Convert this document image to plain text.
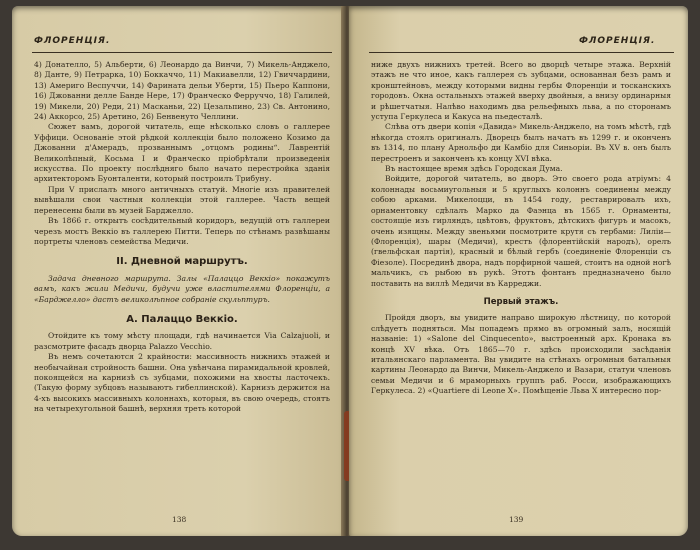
ФЛОРЕНЦІЯ.

4) Донателло, 5) Альберти, 6) Леонардо да Винчи, 7) Микель-Анджело, 8) Данте, 9) Петрарка, 10) Боккаччо, 11) Макиавелли, 12) Гвиччардини, 13) Америго Веспуччи, 14) Фаринатa дельи Уберти, 15) Пьеро Каппони, 16) Джованни делле Банде Нере, 17) Франческо Ферруччо, 18) Галилей, 19) Микели, 20) Реди, 21) Масканьи, 22) Цезальпино, 23) Св. Антонино, 24) Аккорсо, 25) Аретино, 26) Бенвенуто Челлини.

Сюжет вамъ, дорогой читатель, еще нѣсколько словъ о галлерeе Уффици. Основаніе этой рѣдкой коллекціи было положено Козимо да Джованни д'Амерадъ, прозваннымъ „отцомъ родины“. Лаврентій Великолѣпный, Косьма I и Франческо пріобрѣтали произведенія искусства. По проекту послѣдняго было начато перестройка зданія архитекторомъ Буонталенти, который построилъ Трибуну.

При V прислалъ много античныхъ статуй. Многіе изъ правителей вывѣшали свои частныя коллекціи этой галлерее. Часть вещей перенесены были въ музей Барджелло.

Въ 1866 г. открытъ сосѣдительный коридоръ, ведущій отъ галлереи черезъ мостъ Веккіо въ галлерею Питти. Теперь по стѣнамъ развѣшаны портреты членовъ семейства Медичи.

II. Дневной маршрутъ.

Задача дневного маршрута. Залы «Палаццо Веккіо» покажутъ вамъ, какъ жили Медичи, будучи уже властителями Флоренціи, а «Барджелло» дастъ великолѣпное собраніе скульптуръ.

А. Палаццо Веккіо.

Отойдите къ тому мѣсту площади, гдѣ начинается Via Calzajuoli, и разсмотрите фасадъ дворца Palazzo Vecchio.

Въ немъ сочетаются 2 крайности: массивность нижнихъ этажей и необычайная стройность башни. Она увѣнчана пирамидальной кровлей, покоящейся на карнизѣ съ зубцами, похожими на хвосты ласточекъ. (Такую форму зубцовъ называютъ гибеллинской). Карнизъ держится на 4-хъ высокихъ массивныхъ колоннахъ, которыя, въ свою очередь, стоятъ на четырехугольной башнѣ, верхняя треть которой

138
ФЛОРЕНЦІЯ.

ниже двухъ нижнихъ третей. Всего во дворцѣ четыре этажа. Верхній этажъ не что иное, какъ галлерея съ зубцами, основанная безъ рамъ и кронштейновъ, между которыми видны гербы Флоренціи и тосканскихъ городовъ. Окна остальныхъ этажей вверху двойныя, а внизу ординарныя и рѣшетчатыя. Налѣво находимъ два рельефныхъ льва, а по сторонамъ уступа Геркулеса и Какуса на пьедесталѣ.

Слѣва отъ двери копія «Давида» Микель-Анджело, на томъ мѣстѣ, гдѣ нѣкогда стоялъ оригиналъ. Дворецъ былъ начатъ въ 1299 г. и оконченъ въ 1314, по плану Арнольфо ди Камбіо для Синьоріи. Въ XV в. онъ былъ перестроенъ и законченъ къ концу XVI вѣка.

Въ настоящее время здѣсь Городская Дума.

Войдите, дорогой читатель, во дворъ. Это своего рода атріумъ: 4 колоннады восьмиугольныя и 5 круглыхъ колоннъ соединены между собою арками. Микелоцци, въ 1454 году, реставрировалъ ихъ, орнаментовку сдѣлалъ Марко да Фаэнца въ 1565 г. Орнаменты, состоящіе изъ гирляндъ, цвѣтовъ, фруктовъ, дѣтскихъ фигуръ и масокъ, очень изящны. Между звеньями посмотрите крутя съ гербами: Лиліи—(Флоренція), шары (Медичи), крестъ (флорентійскій народъ), орелъ (гвельфская партія), красный и бѣлый гербъ (соединеніе Флоренціи съ Фіезоле). Посрединѣ двора, надъ порфирной чашей, стоитъ на одной ногѣ мальчикъ, съ рыбою въ рукѣ. Этотъ фонтанъ предназначено было поставить на виллѣ Медичи въ Карреджи.

Первый этажъ.

Пройдя дворъ, вы увидите направо широкую лѣстницу, по которой слѣдуетъ подняться. Мы попадемъ прямо въ огромный залъ, носящій названіе: 1) «Salone del Cinquecento», выстроенный арх. Кронака въ концѣ XV вѣка. Отъ 1865—70 г. здѣсь происходили засѣданія итальянскаго парламента. Вы увидите на стѣнахъ огромныя батальныя картины Леонардо да Винчи, Микель-Анджело и Вазари, статуи членовъ семьи Медичи и 6 мраморныхъ группъ раб. Росси, изображающихъ Геркулеса. 2) «Quartiere di Leone X». Помѣщеніе Льва X интересно пор-

139
